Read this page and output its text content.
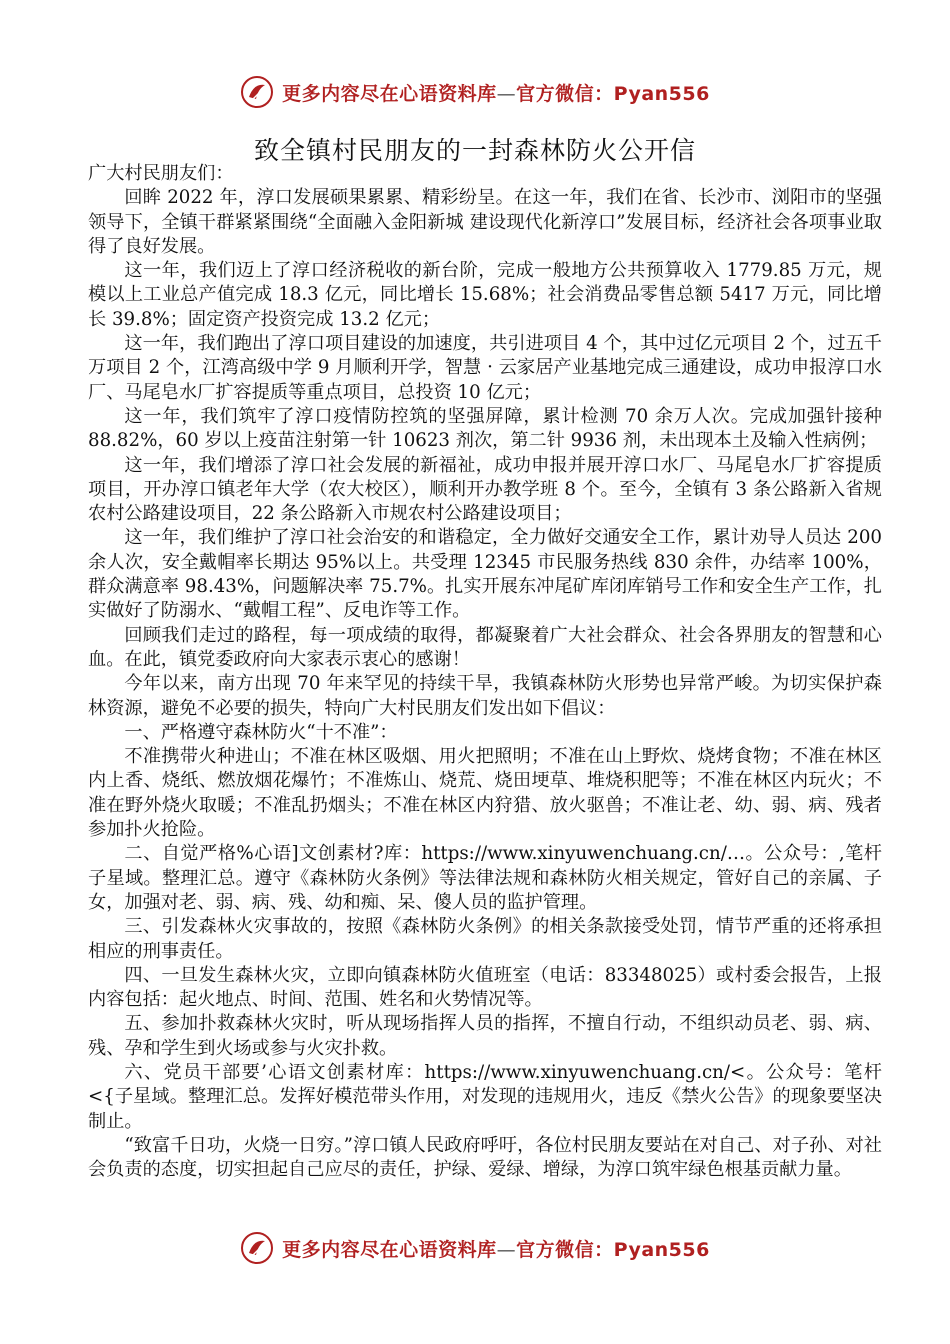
更多内容尽在心语资料库—官方微信：Pyan556
致全镇村民朋友的一封森林防火公开信

广大村民朋友们：

回眸 2022 年，淳口发展硕果累累、精彩纷呈。在这一年，我们在省、长沙市、浏阳市的坚强领导下，全镇干群紧紧围绕“全面融入金阳新城 建设现代化新淳口”发展目标，经济社会各项事业取得了良好发展。

这一年，我们迈上了淳口经济税收的新台阶，完成一般地方公共预算收入 1779.85 万元，规模以上工业总产值完成 18.3 亿元，同比增长 15.68%；社会消费品零售总额 5417 万元，同比增长 39.8%；固定资产投资完成 13.2 亿元；

这一年，我们跑出了淳口项目建设的加速度，共引进项目 4 个，其中过亿元项目 2 个，过五千万项目 2 个，江湾高级中学 9 月顺利开学，智慧 · 云家居产业基地完成三通建设，成功申报淳口水厂、马尾皂水厂扩容提质等重点项目，总投资 10 亿元；

这一年，我们筑牢了淳口疫情防控筑的坚强屏障，累计检测 70 余万人次。完成加强针接种 88.82%，60 岁以上疫苗注射第一针 10623 剂次，第二针 9936 剂，未出现本土及输入性病例；

这一年，我们增添了淳口社会发展的新福祉，成功申报并展开淳口水厂、马尾皂水厂扩容提质项目，开办淳口镇老年大学（农大校区），顺利开办教学班 8 个。至今，全镇有 3 条公路新入省规农村公路建设项目，22 条公路新入市规农村公路建设项目；

这一年，我们维护了淳口社会治安的和谐稳定，全力做好交通安全工作，累计劝导人员达 200 余人次，安全戴帽率长期达 95%以上。共受理 12345 市民服务热线 830 余件，办结率 100%，群众满意率 98.43%，问题解决率 75.7%。扎实开展东冲尾矿库闭库销号工作和安全生产工作，扎实做好了防溺水、“戴帽工程”、反电诈等工作。

回顾我们走过的路程，每一项成绩的取得，都凝聚着广大社会群众、社会各界朋友的智慧和心血。在此，镇党委政府向大家表示衷心的感谢！

今年以来，南方出现 70 年来罕见的持续干旱，我镇森林防火形势也异常严峻。为切实保护森林资源，避免不必要的损失，特向广大村民朋友们发出如下倡议：

一、严格遵守森林防火“十不准”：

不准携带火种进山；不准在林区吸烟、用火把照明；不准在山上野炊、烧烤食物；不准在林区内上香、烧纸、燃放烟花爆竹；不准炼山、烧荒、烧田埂草、堆烧积肥等；不准在林区内玩火；不准在野外烧火取暖；不准乱扔烟头；不准在林区内狩猎、放火驱兽；不准让老、幼、弱、病、残者参加扑火抢险。

二、自觉严格%心语]文创素材?库：https://www.xinyuwenchuang.cn/…。公众号：,笔杆子星域。整理汇总。遵守《森林防火条例》等法律法规和森林防火相关规定，管好自己的亲属、子女，加强对老、弱、病、残、幼和痴、呆、傻人员的监护管理。

三、引发森林火灾事故的，按照《森林防火条例》的相关条款接受处罚，情节严重的还将承担相应的刑事责任。

四、一旦发生森林火灾，立即向镇森林防火值班室（电话：83348025）或村委会报告，上报内容包括：起火地点、时间、范围、姓名和火势情况等。

五、参加扑救森林火灾时，听从现场指挥人员的指挥，不擅自行动，不组织动员老、弱、病、残、孕和学生到火场或参与火灾扑救。

六、党员干部要’心语文创素材库：https://www.xinyuwenchuang.cn/<。公众号：笔杆<{子星域。整理汇总。发挥好模范带头作用，对发现的违规用火，违反《禁火公告》的现象要坚决制止。

“致富千日功，火烧一日穷。”淳口镇人民政府呼吁，各位村民朋友要站在对自己、对子孙、对社会负责的态度，切实担起自己应尽的责任，护绿、爱绿、增绿，为淳口筑牢绿色根基贡献力量。

更多内容尽在心语资料库—官方微信：Pyan556
